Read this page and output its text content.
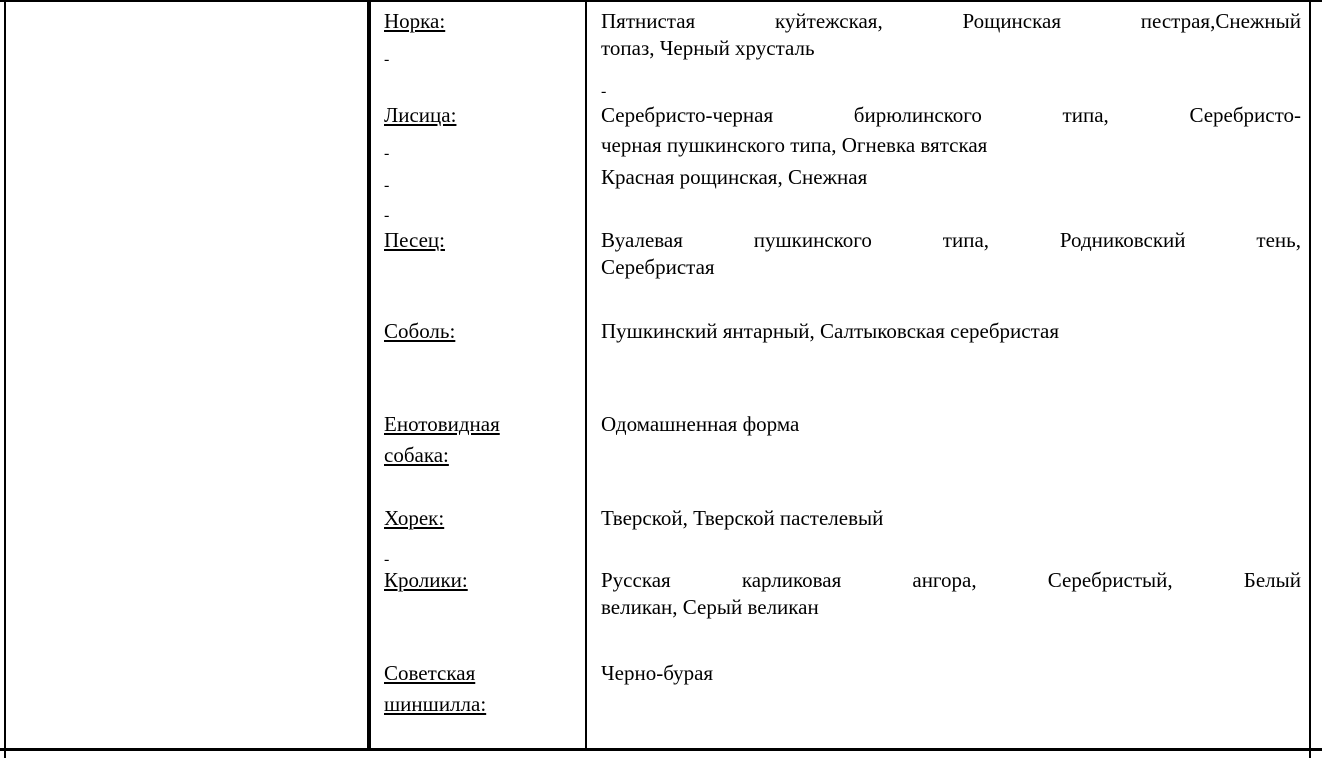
Норка:
-
Лисица:
-
-
-
Песец:
Соболь:
Енотовидная
собака:
Хорек:
-
Кролики:
Советская
шиншилла:
Пятнистая куйтежская, Рощинская пестрая,Снежный
топаз, Черный хрусталь
-
Серебристо-черная бирюлинского типа, Серебристо-
черная пушкинского типа, Огневка вятская
Красная рощинская, Снежная
Вуалевая пушкинского типа, Родниковский тень,
Серебристая
Пушкинский янтарный, Салтыковская серебристая
Одомашненная форма
Тверской, Тверской пастелевый
Русская карликовая ангора, Серебристый, Белый
великан, Серый великан
Черно-бурая
